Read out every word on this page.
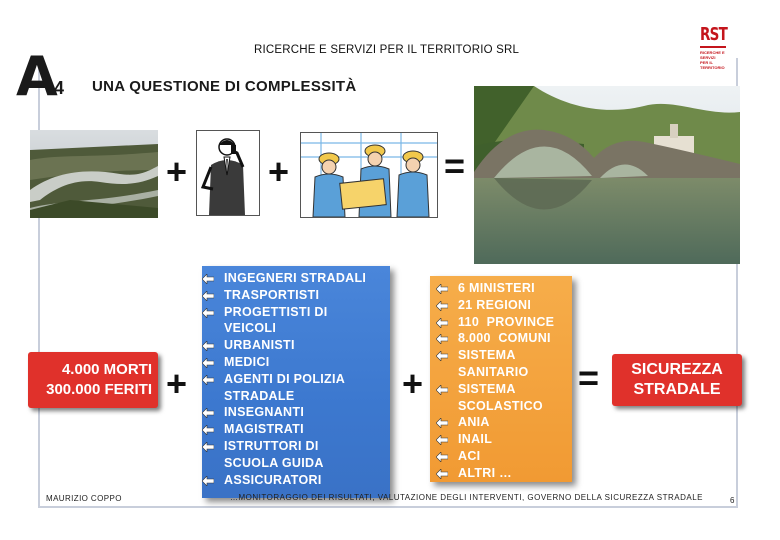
A
4
RICERCHE E SERVIZI PER IL TERRITORIO SRL
UNA QUESTIONE DI COMPLESSITÀ
RST
RICERCHE E SERVIZI
PER IL TERRITORIO
+ +	=
4.000 MORTI
300.000 FERITI +	+	=
INGEGNERI STRADALI
TRASPORTISTI
PROGETTISTI DI VEICOLI
URBANISTI
MEDICI
AGENTI DI POLIZIA STRADALE
INSEGNANTI
MAGISTRATI
ISTRUTTORI DI SCUOLA GUIDA
ASSICURATORI
6 MINISTERI
21 REGIONI
110  PROVINCE
8.000  COMUNI
SISTEMA SANITARIO
SISTEMA SCOLASTICO
ANIA
INAIL
ACI
ALTRI …
SICUREZZA
STRADALE
MAURIZIO COPPO	…MONITORAGGIO DEI RISULTATI, VALUTAZIONE DEGLI INTERVENTI, GOVERNO DELLA SICUREZZA STRADALE	6
